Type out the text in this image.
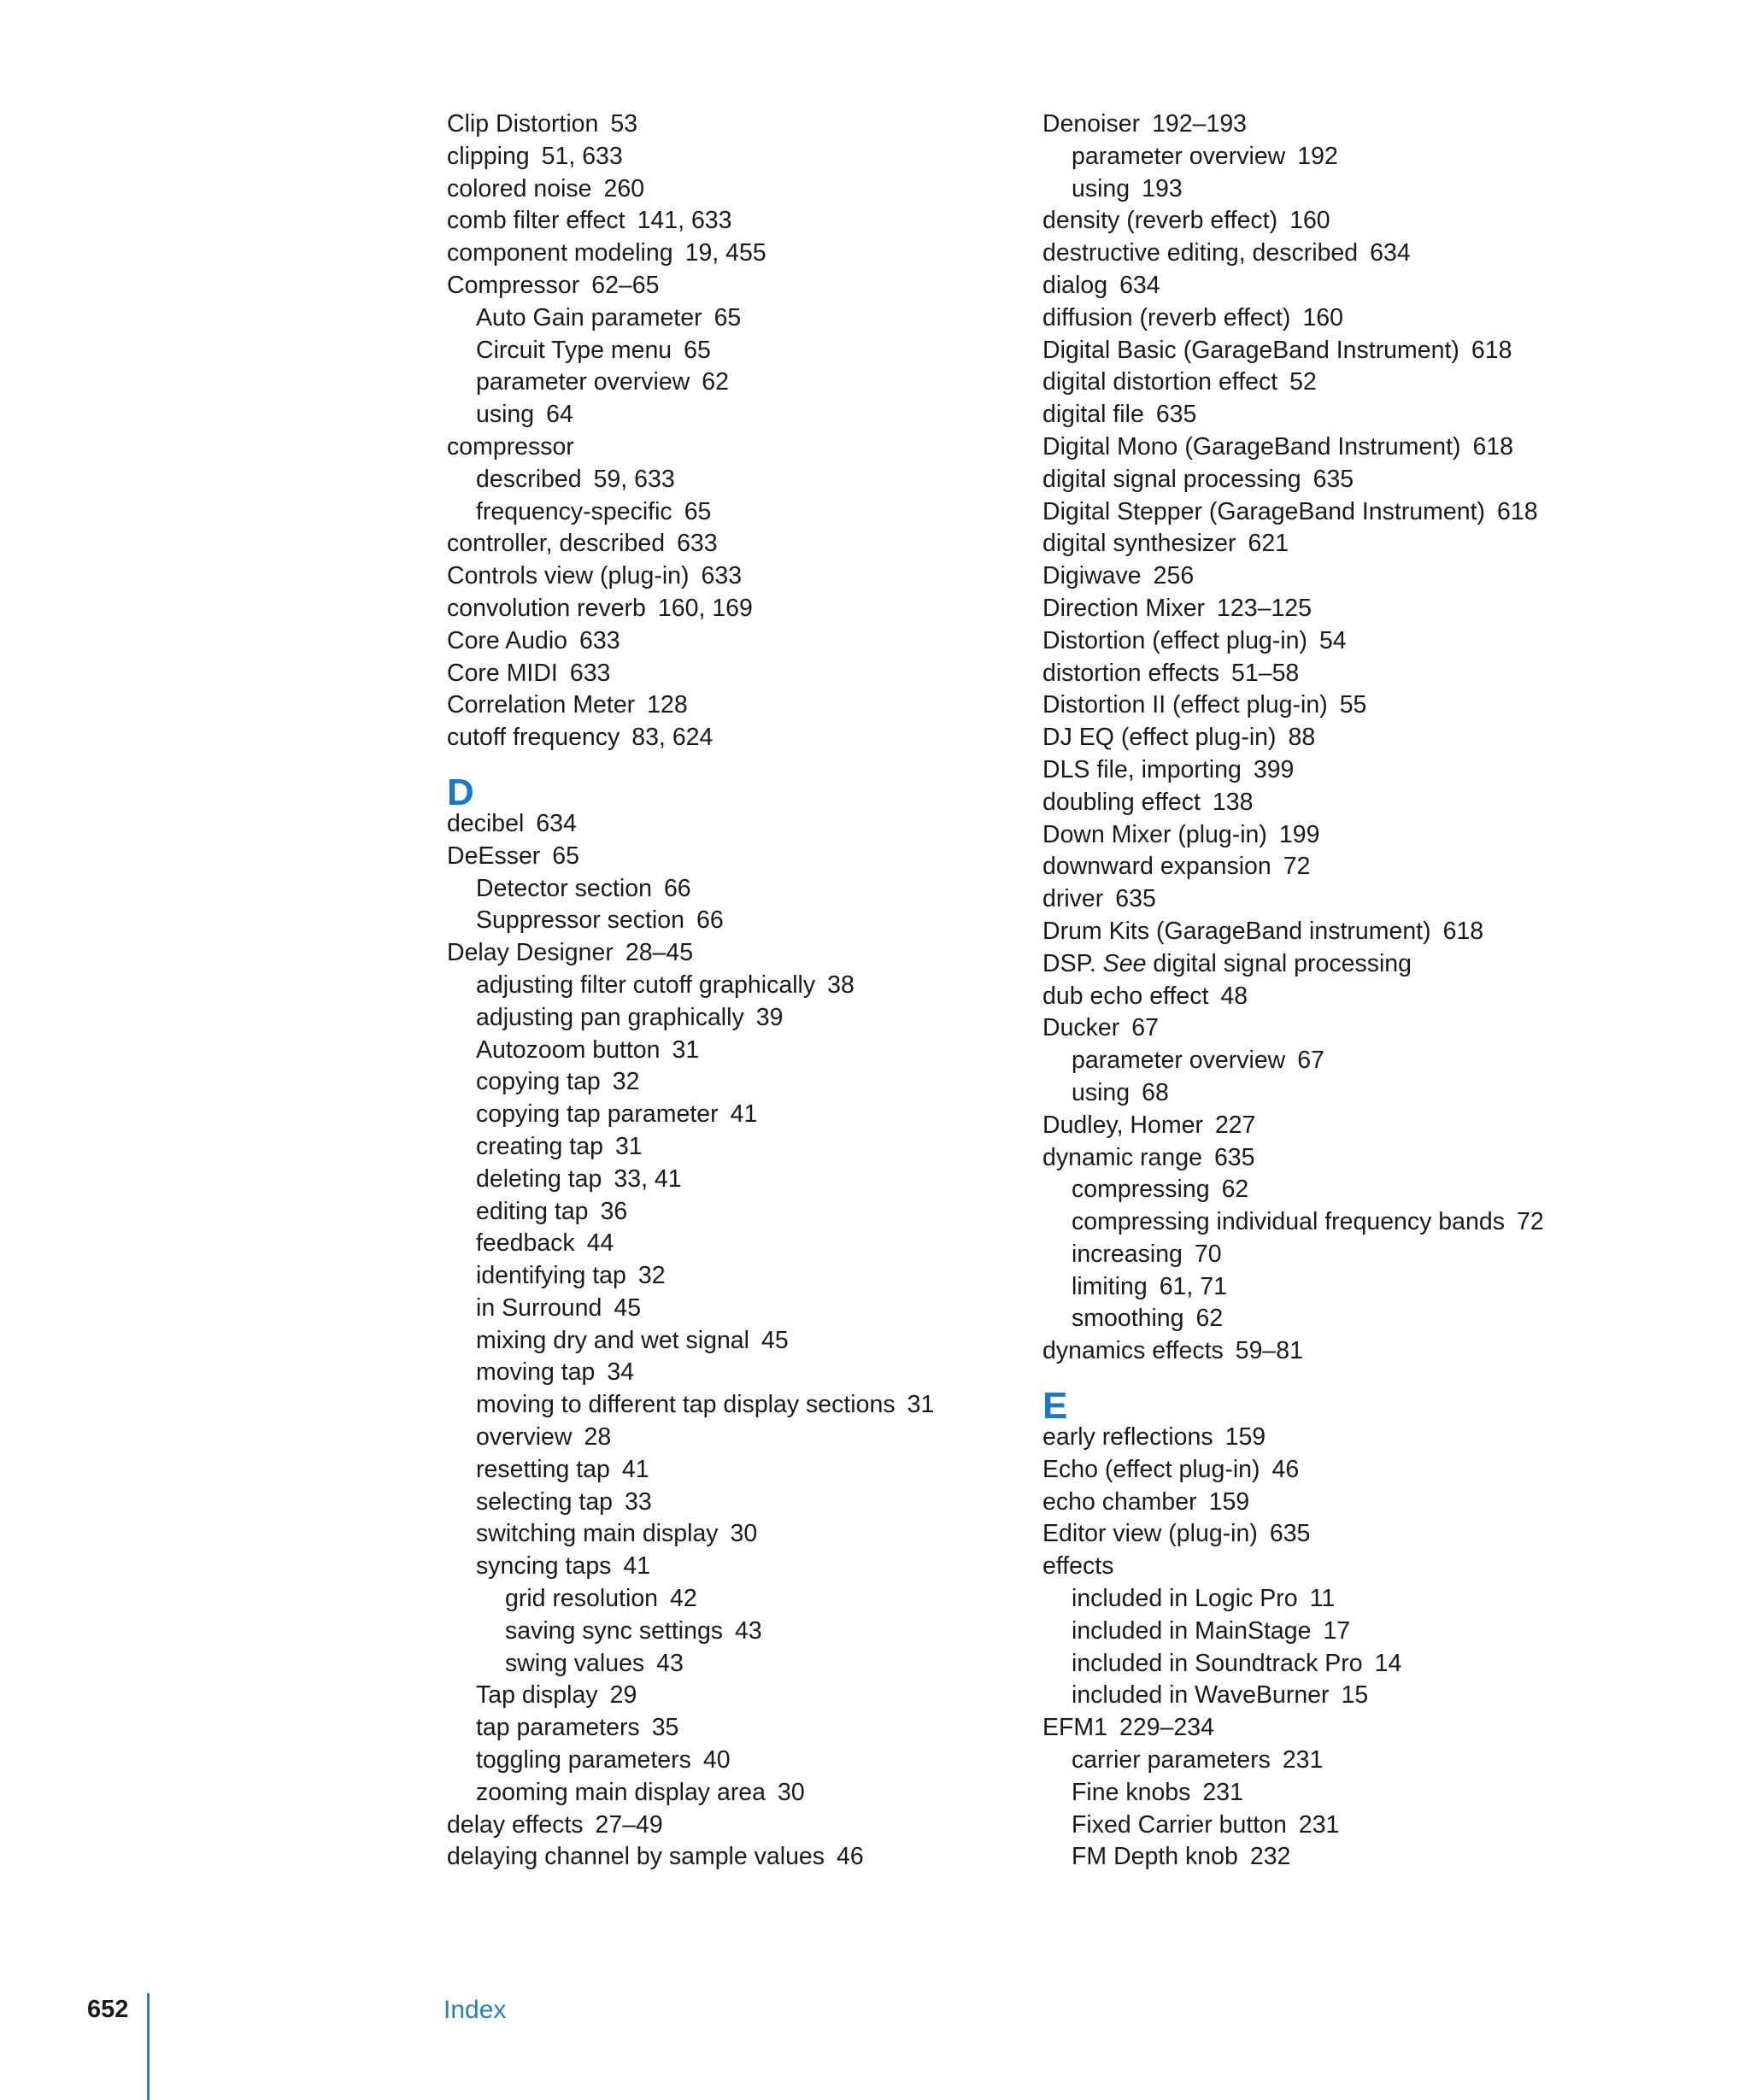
Clip Distortion 53
clipping 51, 633
colored noise 260
comb filter effect 141, 633
component modeling 19, 455
Compressor 62–65
Auto Gain parameter 65
Circuit Type menu 65
parameter overview 62
using 64
compressor
described 59, 633
frequency-specific 65
controller, described 633
Controls view (plug-in) 633
convolution reverb 160, 169
Core Audio 633
Core MIDI 633
Correlation Meter 128
cutoff frequency 83, 624
D
decibel 634
DeEsser 65
Detector section 66
Suppressor section 66
Delay Designer 28–45
adjusting filter cutoff graphically 38
adjusting pan graphically 39
Autozoom button 31
copying tap 32
copying tap parameter 41
creating tap 31
deleting tap 33, 41
editing tap 36
feedback 44
identifying tap 32
in Surround 45
mixing dry and wet signal 45
moving tap 34
moving to different tap display sections 31
overview 28
resetting tap 41
selecting tap 33
switching main display 30
syncing taps 41
grid resolution 42
saving sync settings 43
swing values 43
Tap display 29
tap parameters 35
toggling parameters 40
zooming main display area 30
delay effects 27–49
delaying channel by sample values 46
Denoiser 192–193
parameter overview 192
using 193
density (reverb effect) 160
destructive editing, described 634
dialog 634
diffusion (reverb effect) 160
Digital Basic (GarageBand Instrument) 618
digital distortion effect 52
digital file 635
Digital Mono (GarageBand Instrument) 618
digital signal processing 635
Digital Stepper (GarageBand Instrument) 618
digital synthesizer 621
Digiwave 256
Direction Mixer 123–125
Distortion (effect plug-in) 54
distortion effects 51–58
Distortion II (effect plug-in) 55
DJ EQ (effect plug-in) 88
DLS file, importing 399
doubling effect 138
Down Mixer (plug-in) 199
downward expansion 72
driver 635
Drum Kits (GarageBand instrument) 618
DSP. See digital signal processing
dub echo effect 48
Ducker 67
parameter overview 67
using 68
Dudley, Homer 227
dynamic range 635
compressing 62
compressing individual frequency bands 72
increasing 70
limiting 61, 71
smoothing 62
dynamics effects 59–81
E
early reflections 159
Echo (effect plug-in) 46
echo chamber 159
Editor view (plug-in) 635
effects
included in Logic Pro 11
included in MainStage 17
included in Soundtrack Pro 14
included in WaveBurner 15
EFM1 229–234
carrier parameters 231
Fine knobs 231
Fixed Carrier button 231
FM Depth knob 232
652	Index
